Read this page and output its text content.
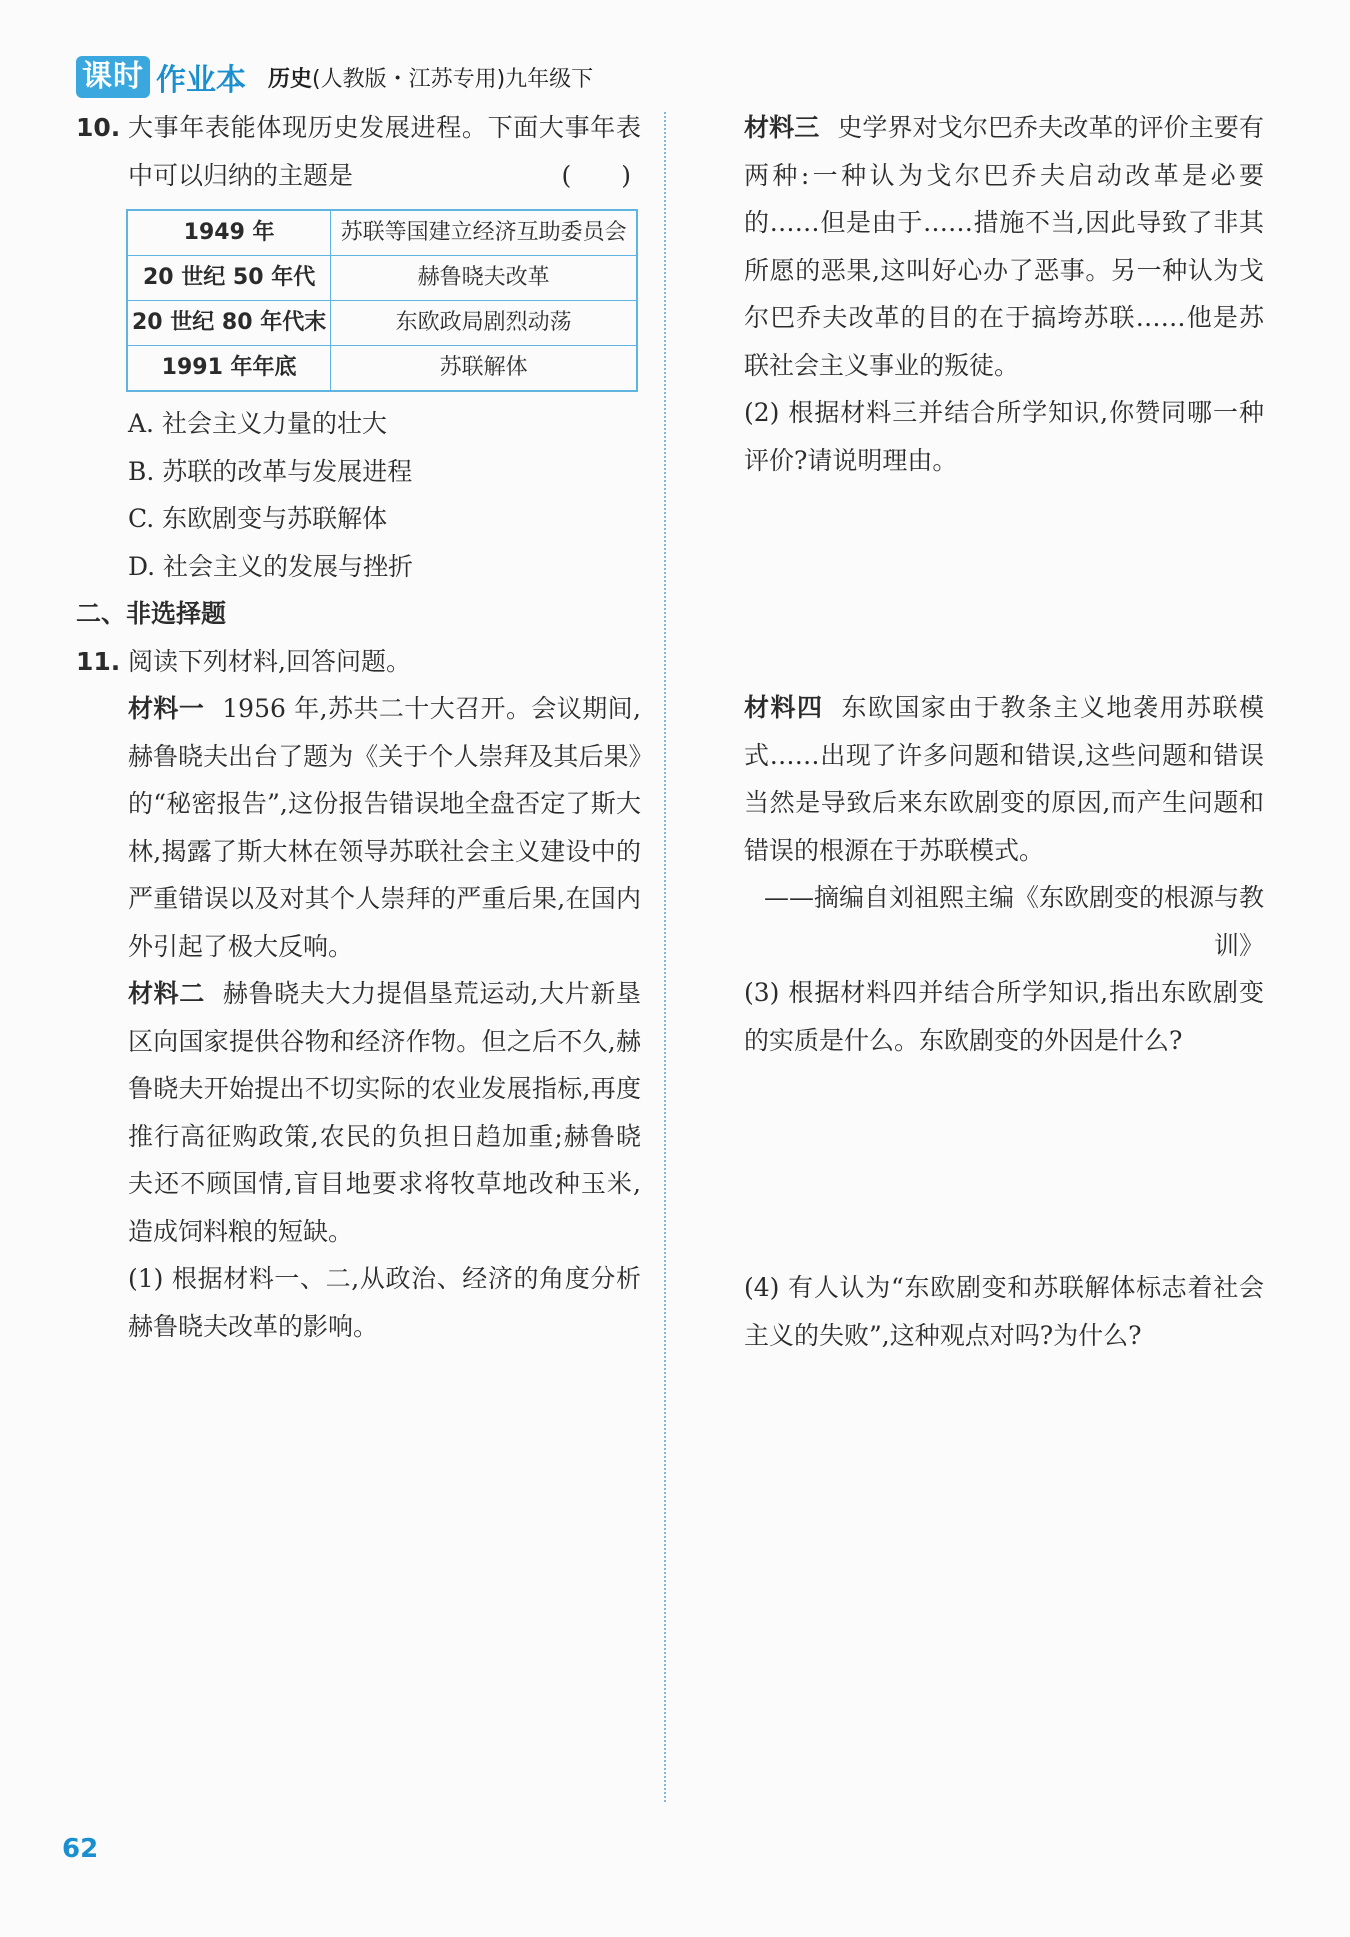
课时 作业本 历史(人教版・江苏专用)九年级下
10. 大事年表能体现历史发展进程。下面大事年表中可以归纳的主题是	(　　)
1949 年	苏联等国建立经济互助委员会
20 世纪 50 年代	赫鲁晓夫改革
20 世纪 80 年代末	东欧政局剧烈动荡
1991 年年底	苏联解体
A. 社会主义力量的壮大
B. 苏联的改革与发展进程
C. 东欧剧变与苏联解体
D. 社会主义的发展与挫折
二、非选择题
11. 阅读下列材料,回答问题。
材料一 1956 年,苏共二十大召开。会议期间,赫鲁晓夫出台了题为《关于个人崇拜及其后果》的“秘密报告”,这份报告错误地全盘否定了斯大林,揭露了斯大林在领导苏联社会主义建设中的严重错误以及对其个人崇拜的严重后果,在国内外引起了极大反响。
材料二 赫鲁晓夫大力提倡垦荒运动,大片新垦区向国家提供谷物和经济作物。但之后不久,赫鲁晓夫开始提出不切实际的农业发展指标,再度推行高征购政策,农民的负担日趋加重;赫鲁晓夫还不顾国情,盲目地要求将牧草地改种玉米,造成饲料粮的短缺。
(1) 根据材料一、二,从政治、经济的角度分析赫鲁晓夫改革的影响。
材料三 史学界对戈尔巴乔夫改革的评价主要有两种:一种认为戈尔巴乔夫启动改革是必要的……但是由于……措施不当,因此导致了非其所愿的恶果,这叫好心办了恶事。另一种认为戈尔巴乔夫改革的目的在于搞垮苏联……他是苏联社会主义事业的叛徒。
(2) 根据材料三并结合所学知识,你赞同哪一种评价?请说明理由。
材料四 东欧国家由于教条主义地袭用苏联模式……出现了许多问题和错误,这些问题和错误当然是导致后来东欧剧变的原因,而产生问题和错误的根源在于苏联模式。
——摘编自刘祖熙主编《东欧剧变的根源与教训》
(3) 根据材料四并结合所学知识,指出东欧剧变的实质是什么。东欧剧变的外因是什么?
(4) 有人认为“东欧剧变和苏联解体标志着社会主义的失败”,这种观点对吗?为什么?
62
